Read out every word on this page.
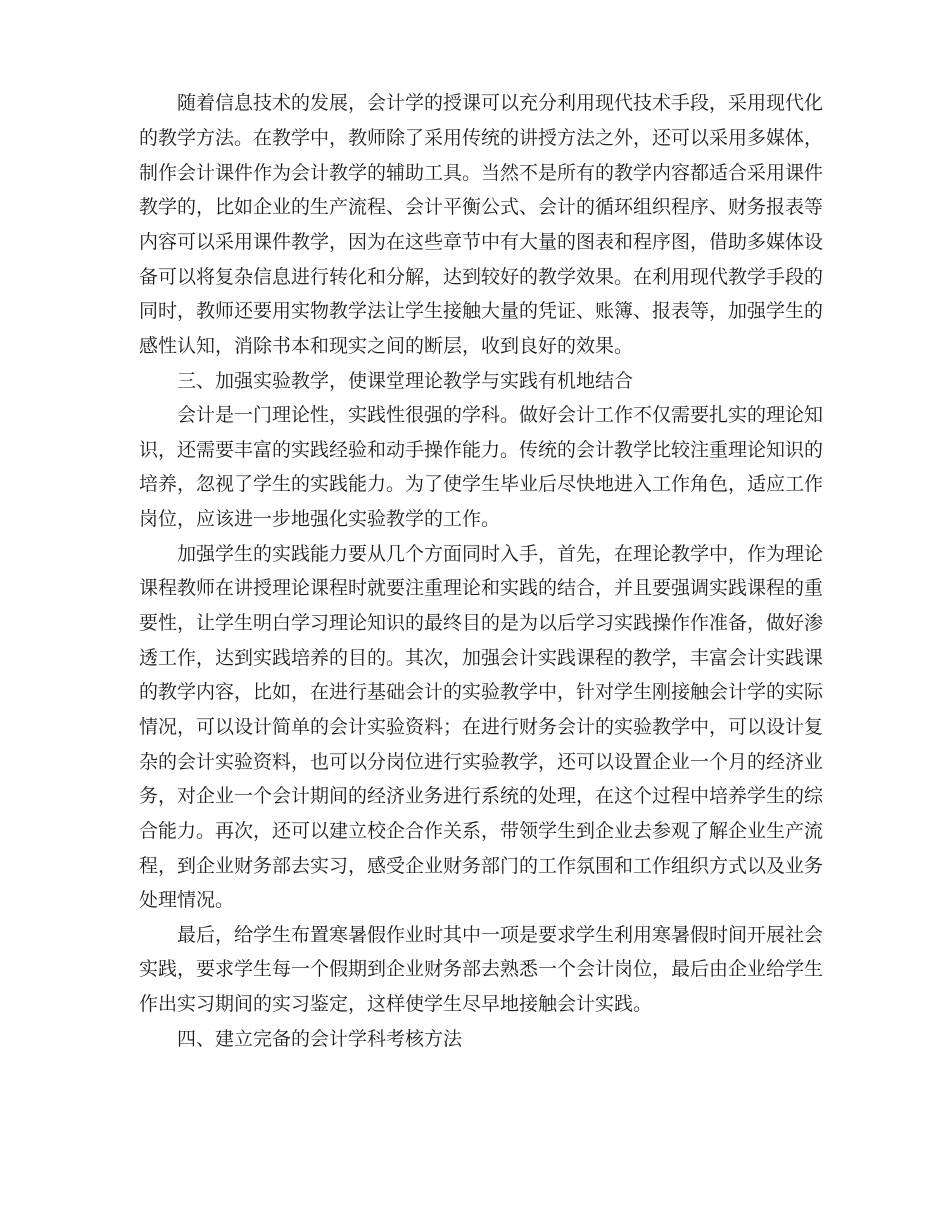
随着信息技术的发展，会计学的授课可以充分利用现代技术手段，采用现代化

的教学方法。在教学中，教师除了采用传统的讲授方法之外，还可以采用多媒体，

制作会计课件作为会计教学的辅助工具。当然不是所有的教学内容都适合采用课件

教学的，比如企业的生产流程、会计平衡公式、会计的循环组织程序、财务报表等

内容可以采用课件教学，因为在这些章节中有大量的图表和程序图，借助多媒体设

备可以将复杂信息进行转化和分解，达到较好的教学效果。在利用现代教学手段的

同时，教师还要用实物教学法让学生接触大量的凭证、账簿、报表等，加强学生的

感性认知，消除书本和现实之间的断层，收到良好的效果。

三、加强实验教学，使课堂理论教学与实践有机地结合

会计是一门理论性，实践性很强的学科。做好会计工作不仅需要扎实的理论知

识，还需要丰富的实践经验和动手操作能力。传统的会计教学比较注重理论知识的

培养，忽视了学生的实践能力。为了使学生毕业后尽快地进入工作角色，适应工作

岗位，应该进一步地强化实验教学的工作。

加强学生的实践能力要从几个方面同时入手，首先，在理论教学中，作为理论

课程教师在讲授理论课程时就要注重理论和实践的结合，并且要强调实践课程的重

要性，让学生明白学习理论知识的最终目的是为以后学习实践操作作准备，做好渗

透工作，达到实践培养的目的。其次，加强会计实践课程的教学，丰富会计实践课

的教学内容，比如，在进行基础会计的实验教学中，针对学生刚接触会计学的实际

情况，可以设计简单的会计实验资料；在进行财务会计的实验教学中，可以设计复

杂的会计实验资料，也可以分岗位进行实验教学，还可以设置企业一个月的经济业

务，对企业一个会计期间的经济业务进行系统的处理，在这个过程中培养学生的综

合能力。再次，还可以建立校企合作关系，带领学生到企业去参观了解企业生产流

程，到企业财务部去实习，感受企业财务部门的工作氛围和工作组织方式以及业务

处理情况。

最后，给学生布置寒暑假作业时其中一项是要求学生利用寒暑假时间开展社会

实践，要求学生每一个假期到企业财务部去熟悉一个会计岗位，最后由企业给学生

作出实习期间的实习鉴定，这样使学生尽早地接触会计实践。

四、建立完备的会计学科考核方法
